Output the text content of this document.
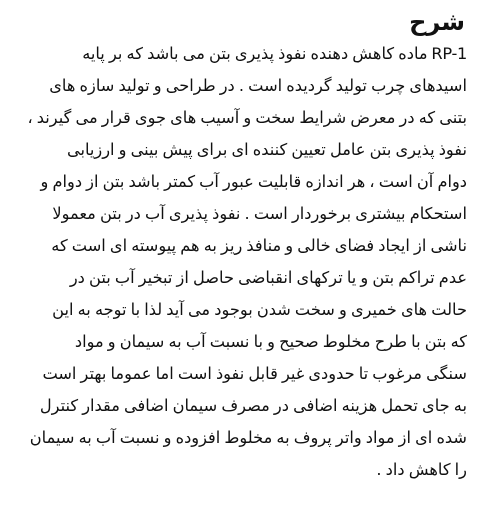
شرح
RP-1 ماده کاهش دهنده نفوذ پذیری بتن می باشد که بر پایه
اسیدهای چرب تولید گردیده است . در طراحی و تولید سازه های
بتنی که در معرض شرایط سخت و آسیب های جوی قرار می گیرند ،
نفوذ پذیری بتن عامل تعیین کننده ای برای پیش بینی و ارزیابی
دوام آن است ، هر اندازه قابلیت عبور آب کمتر باشد بتن از دوام و
استحکام بیشتری برخوردار است . نفوذ پذیری آب در بتن معمولا
ناشی از ایجاد فضای خالی و منافذ ریز به هم پیوسته ای است که
عدم تراکم بتن و یا ترکهای انقباضی حاصل از تبخیر آب بتن در
حالت های خمیری و سخت شدن بوجود می آید لذا با توجه به این
که بتن با طرح مخلوط صحیح و با نسبت آب به سیمان و مواد
سنگی مرغوب تا حدودی غیر قابل نفوذ است اما عموما بهتر است
به جای تحمل هزینه اضافی در مصرف سیمان اضافی مقدار کنترل
شده ای از مواد واتر پروف به مخلوط افزوده و نسبت آب به سیمان
را کاهش داد .
